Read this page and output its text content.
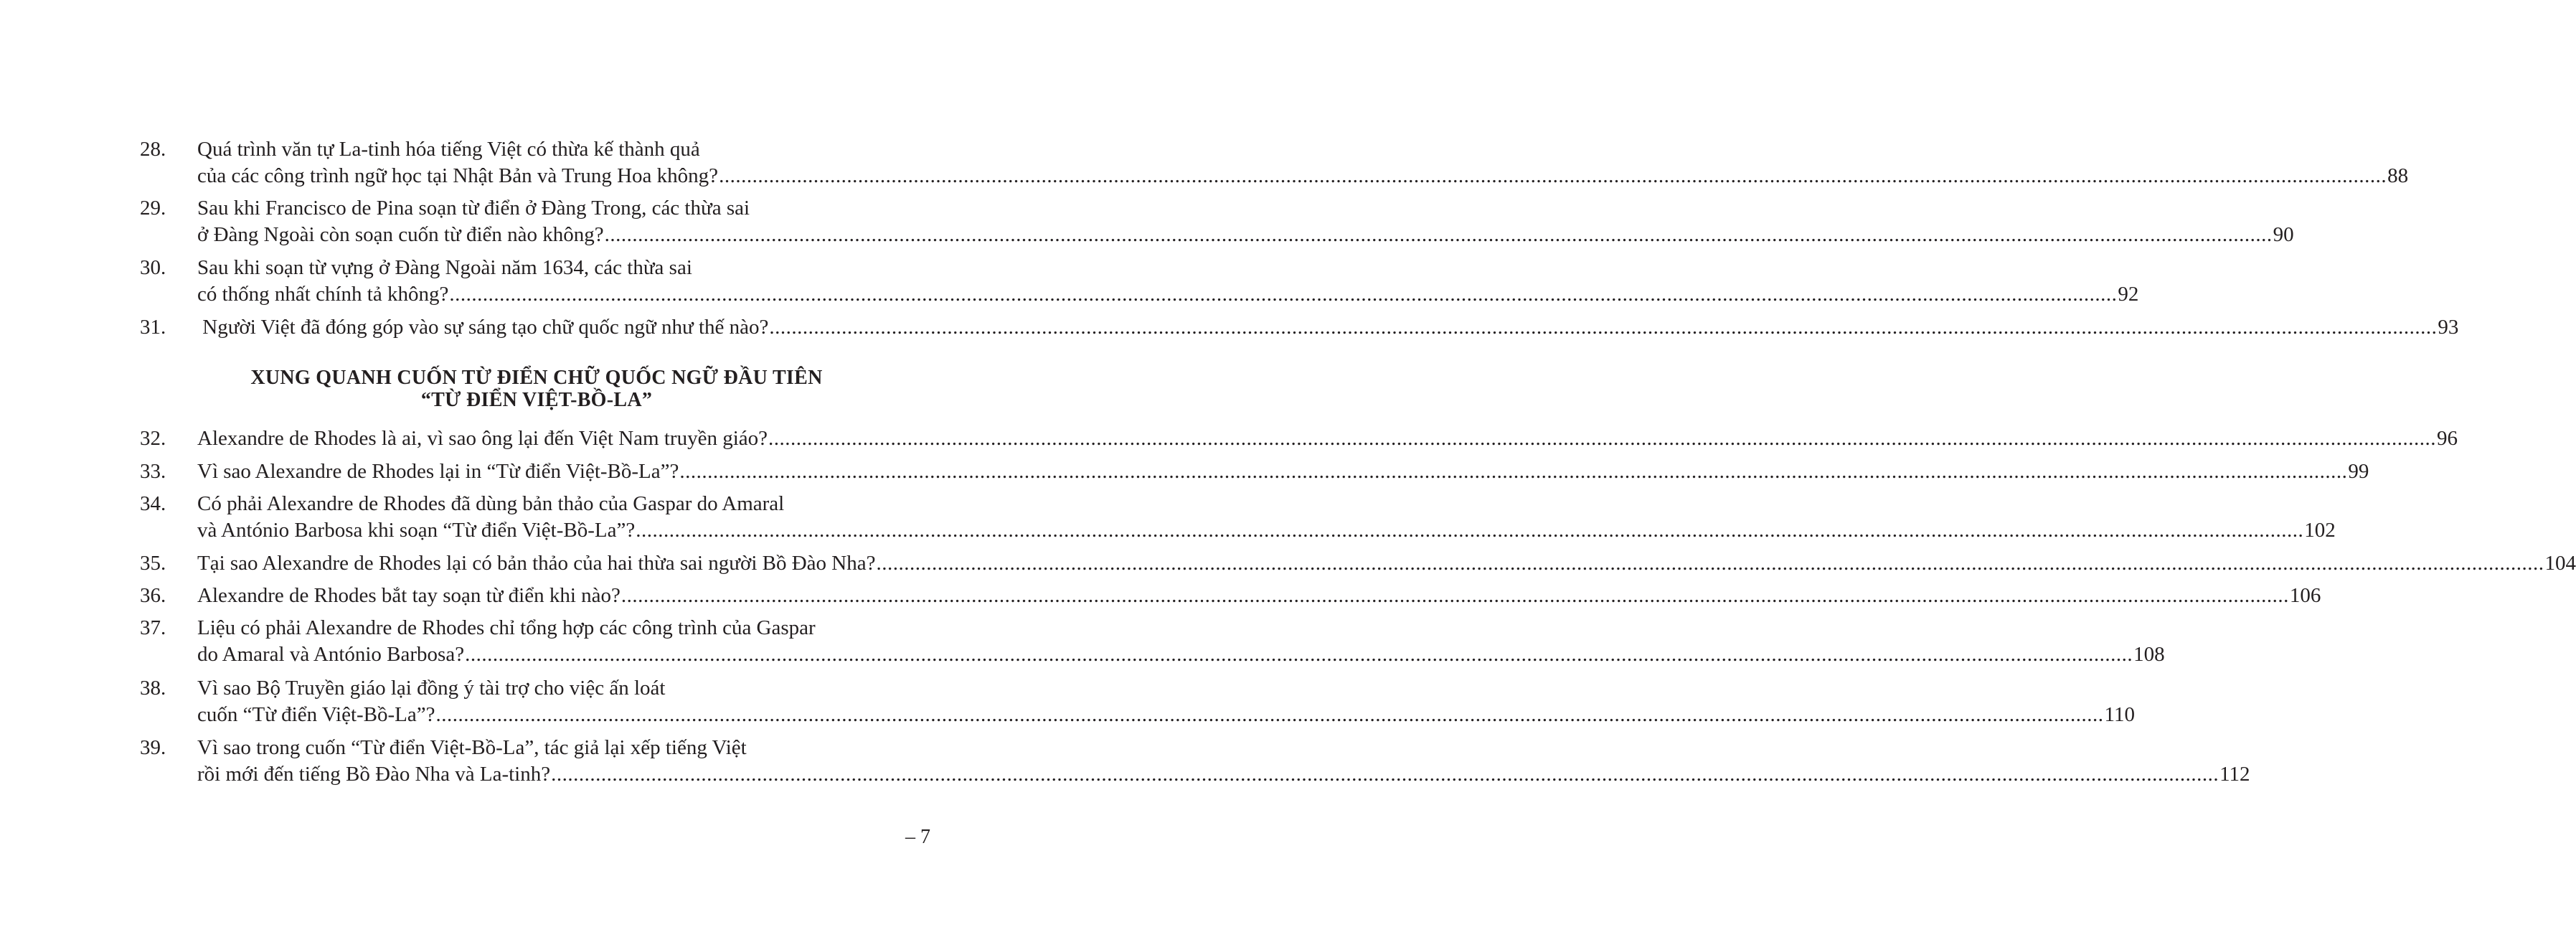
28. Quá trình văn tự La-tinh hóa tiếng Việt có thừa kế thành quả
của các công trình ngữ học tại Nhật Bản và Trung Hoa không? ............................................................................................................................................................................................................................................................................................................ 88
29. Sau khi Francisco de Pina soạn từ điển ở Đàng Trong, các thừa sai
ở Đàng Ngoài còn soạn cuốn từ điển nào không? ............................................................................................................................................................................................................................................................................................................ 90
30. Sau khi soạn từ vựng ở Đàng Ngoài năm 1634, các thừa sai
có thống nhất chính tả không? ............................................................................................................................................................................................................................................................................................................ 92
31. Người Việt đã đóng góp vào sự sáng tạo chữ quốc ngữ như thế nào? ............................................................................................................................................................................................................................................................................................................ 93
XUNG QUANH CUỐN TỪ ĐIỂN CHỮ QUỐC NGỮ ĐẦU TIÊN
“TỪ ĐIỂN VIỆT-BỒ-LA”
32. Alexandre de Rhodes là ai, vì sao ông lại đến Việt Nam truyền giáo? ............................................................................................................................................................................................................................................................................................................ 96
33. Vì sao Alexandre de Rhodes lại in “Từ điển Việt-Bồ-La”? ............................................................................................................................................................................................................................................................................................................ 99
34. Có phải Alexandre de Rhodes đã dùng bản thảo của Gaspar do Amaral
và António Barbosa khi soạn “Từ điển Việt-Bồ-La”? ............................................................................................................................................................................................................................................................................................................ 102
35. Tại sao Alexandre de Rhodes lại có bản thảo của hai thừa sai người Bồ Đào Nha? ............................................................................................................................................................................................................................................................................................................ 104
36. Alexandre de Rhodes bắt tay soạn từ điển khi nào? ............................................................................................................................................................................................................................................................................................................ 106
37. Liệu có phải Alexandre de Rhodes chỉ tổng hợp các công trình của Gaspar
do Amaral và António Barbosa? ............................................................................................................................................................................................................................................................................................................ 108
38. Vì sao Bộ Truyền giáo lại đồng ý tài trợ cho việc ấn loát
cuốn “Từ điển Việt-Bồ-La”? ............................................................................................................................................................................................................................................................................................................ 110
39. Vì sao trong cuốn “Từ điển Việt-Bồ-La”, tác giả lại xếp tiếng Việt
rồi mới đến tiếng Bồ Đào Nha và La-tinh? ............................................................................................................................................................................................................................................................................................................ 112
– 7
